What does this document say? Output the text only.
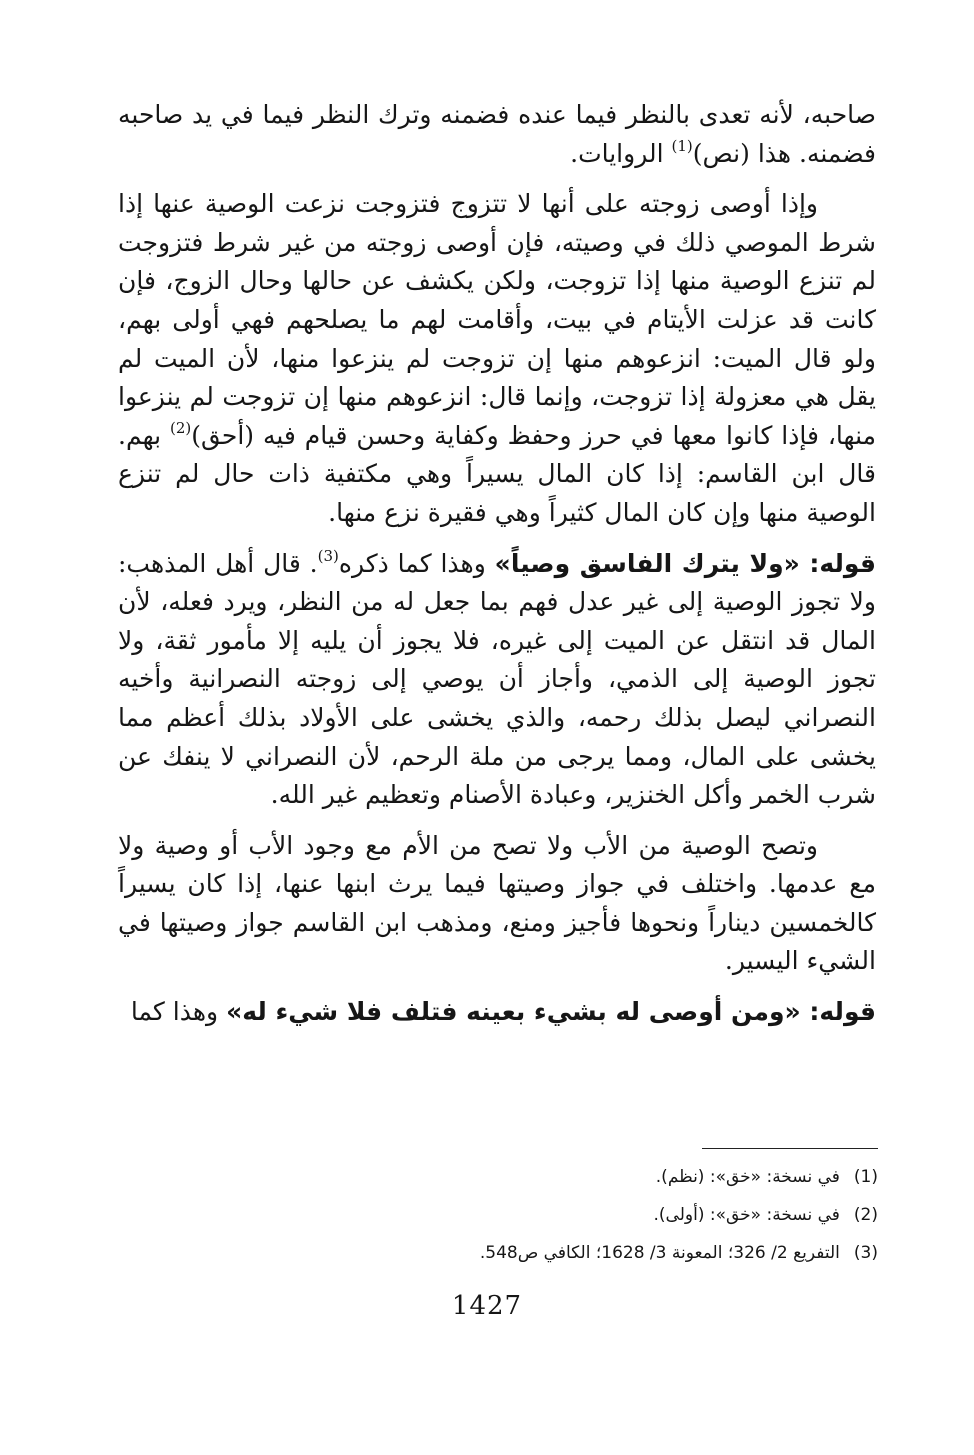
صاحبه، لأنه تعدى بالنظر فيما عنده فضمنه وترك النظر فيما في يد صاحبه فضمنه. هذا (نص)$^{(1)}$ الروايات.

وإذا أوصى زوجته على أنها لا تتزوج فتزوجت نزعت الوصية عنها إذا شرط الموصي ذلك في وصيته، فإن أوصى زوجته من غير شرط فتزوجت لم تنزع الوصية منها إذا تزوجت، ولكن يكشف عن حالها وحال الزوج، فإن كانت قد عزلت الأيتام في بيت، وأقامت لهم ما يصلحهم فهي أولى بهم، ولو قال الميت: انزعوهم منها إن تزوجت لم ينزعوا منها، لأن الميت لم يقل هي معزولة إذا تزوجت، وإنما قال: انزعوهم منها إن تزوجت لم ينزعوا منها، فإذا كانوا معها في حرز وحفظ وكفاية وحسن قيام فيه (أحق)$^{(2)}$ بهم. قال ابن القاسم: إذا كان المال يسيراً وهي مكتفية ذات حال لم تنزع الوصية منها وإن كان المال كثيراً وهي فقيرة نزع منها.

قوله: «ولا يترك الفاسق وصياً» وهذا كما ذكره$^{(3)}$. قال أهل المذهب: ولا تجوز الوصية إلى غير عدل فهم بما جعل له من النظر، ويرد فعله، لأن المال قد انتقل عن الميت إلى غيره، فلا يجوز أن يليه إلا مأمور ثقة، ولا تجوز الوصية إلى الذمي، وأجاز أن يوصي إلى زوجته النصرانية وأخيه النصراني ليصل بذلك رحمه، والذي يخشى على الأولاد بذلك أعظم مما يخشى على المال، ومما يرجى من ملة الرحم، لأن النصراني لا ينفك عن شرب الخمر وأكل الخنزير، وعبادة الأصنام وتعظيم غير الله.

وتصح الوصية من الأب ولا تصح من الأم مع وجود الأب أو وصية ولا مع عدمها. واختلف في جواز وصيتها فيما يرث ابنها عنها، إذا كان يسيراً كالخمسين ديناراً ونحوها فأجيز ومنع، ومذهب ابن القاسم جواز وصيتها في الشيء اليسير.

قوله: «ومن أوصى له بشيء بعينه فتلف فلا شيء له» وهذا كما

(1)في نسخة: «خق»: (نظم).
(2)في نسخة: «خق»: (أولى).
(3)التفريع 2/ 326؛ المعونة 3/ 1628؛ الكافي ص548.
1427
